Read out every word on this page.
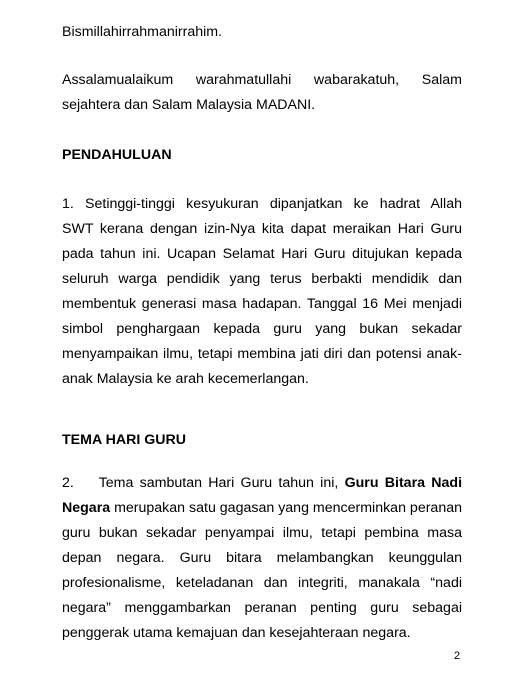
Bismillahirrahmanirrahim.
Assalamualaikum warahmatullahi wabarakatuh, Salam
sejahtera dan Salam Malaysia MADANI.
PENDAHULUAN
1. Setinggi-tinggi kesyukuran dipanjatkan ke hadrat Allah
SWT kerana dengan izin-Nya kita dapat meraikan Hari Guru
pada tahun ini. Ucapan Selamat Hari Guru ditujukan kepada
seluruh warga pendidik yang terus berbakti mendidik dan
membentuk generasi masa hadapan. Tanggal 16 Mei menjadi
simbol penghargaan kepada guru yang bukan sekadar
menyampaikan ilmu, tetapi membina jati diri dan potensi anak-
anak Malaysia ke arah kecemerlangan.
TEMA HARI GURU
2.    Tema sambutan Hari Guru tahun ini, Guru Bitara Nadi
Negara merupakan satu gagasan yang mencerminkan peranan
guru bukan sekadar penyampai ilmu, tetapi pembina masa
depan negara. Guru bitara melambangkan keunggulan
profesionalisme, keteladanan dan integriti, manakala “nadi
negara” menggambarkan peranan penting guru sebagai
penggerak utama kemajuan dan kesejahteraan negara.
2
